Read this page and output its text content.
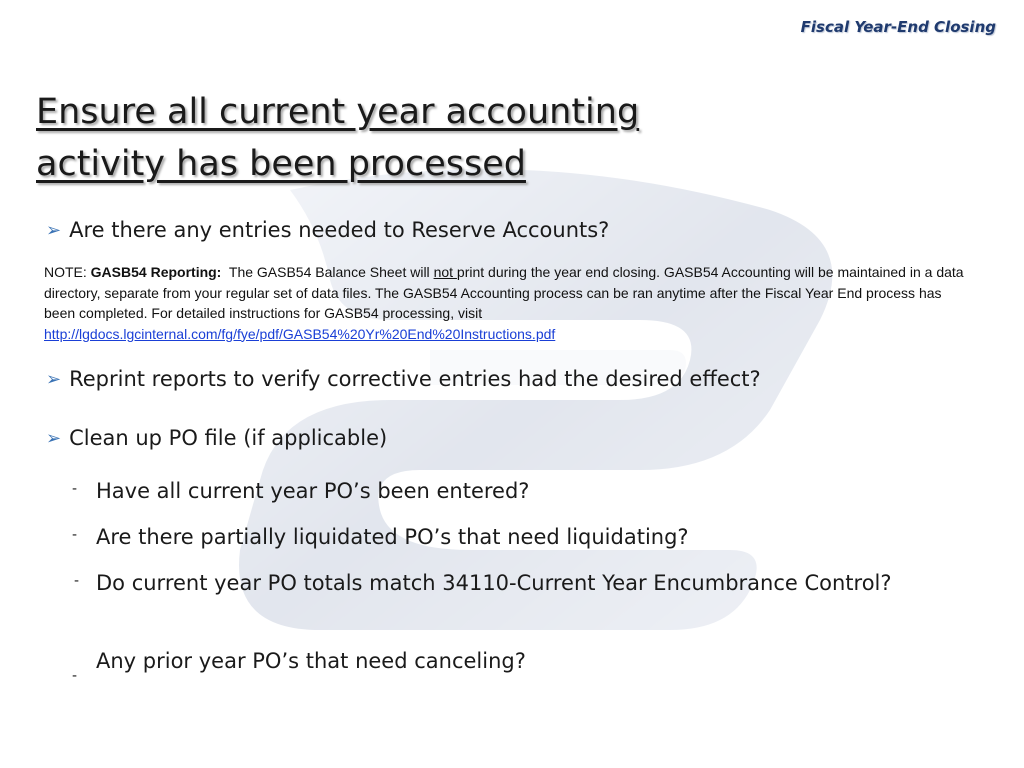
Fiscal Year-End Closing
Ensure all current year accounting
activity has been processed
➢ Are there any entries needed to Reserve Accounts?
NOTE: GASB54 Reporting:  The GASB54 Balance Sheet will not print during the year end closing. GASB54 Accounting will be maintained in a data directory, separate from your regular set of data files. The GASB54 Accounting process can be ran anytime after the Fiscal Year End process has been completed. For detailed instructions for GASB54 processing, visit http://lgdocs.lgcinternal.com/fg/fye/pdf/GASB54%20Yr%20End%20Instructions.pdf
➢ Reprint reports to verify corrective entries had the desired effect?
➢ Clean up PO file (if applicable)
- Have all current year PO’s been entered?
- Are there partially liquidated PO’s that need liquidating?
- Do current year PO totals match 34110-Current Year Encumbrance Control?
-Any prior year PO’s that need canceling?
